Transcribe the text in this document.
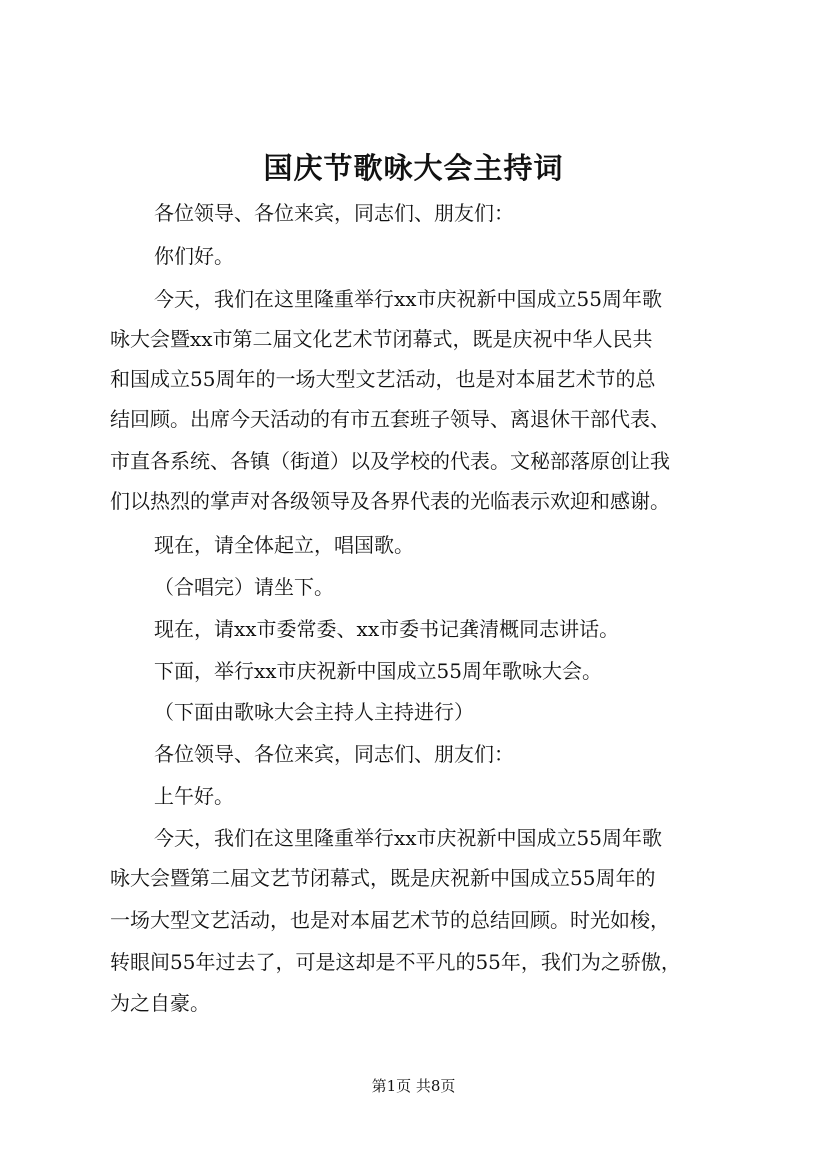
国庆节歌咏大会主持词
各位领导、各位来宾，同志们、朋友们：
你们好。
今天，我们在这里隆重举行xx市庆祝新中国成立55周年歌
咏大会暨xx市第二届文化艺术节闭幕式，既是庆祝中华人民共
和国成立55周年的一场大型文艺活动，也是对本届艺术节的总
结回顾。出席今天活动的有市五套班子领导、离退休干部代表、
市直各系统、各镇（街道）以及学校的代表。文秘部落原创让我
们以热烈的掌声对各级领导及各界代表的光临表示欢迎和感谢。
现在，请全体起立，唱国歌。
（合唱完）请坐下。
现在，请xx市委常委、xx市委书记龚清概同志讲话。
下面，举行xx市庆祝新中国成立55周年歌咏大会。
（下面由歌咏大会主持人主持进行）
各位领导、各位来宾，同志们、朋友们：
上午好。
今天，我们在这里隆重举行xx市庆祝新中国成立55周年歌
咏大会暨第二届文艺节闭幕式，既是庆祝新中国成立55周年的
一场大型文艺活动，也是对本届艺术节的总结回顾。时光如梭，
转眼间55年过去了，可是这却是不平凡的55年，我们为之骄傲，
为之自豪。
第1页 共8页
